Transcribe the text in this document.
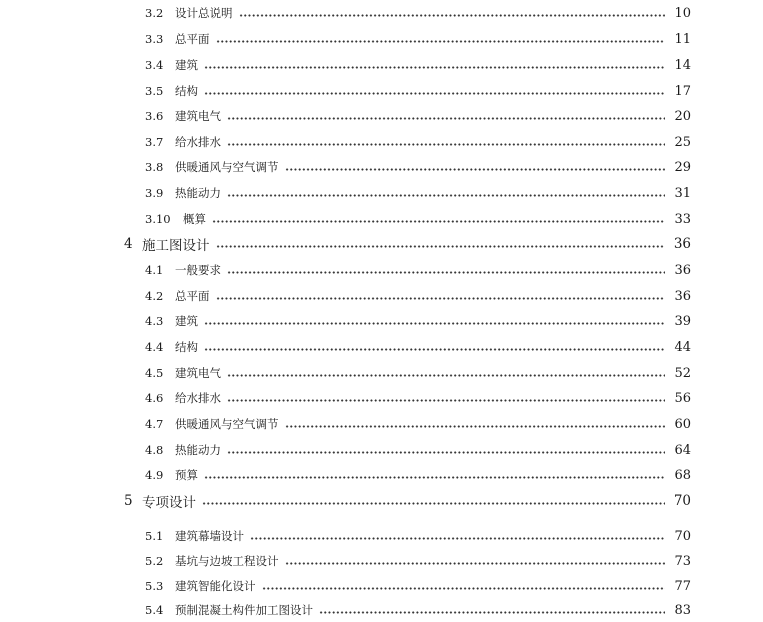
3.2	设计总说明	10
3.3	总平面	11
3.4	建筑	14
3.5	结构	17
3.6	建筑电气	20
3.7	给水排水	25
3.8	供暖通风与空气调节	29
3.9	热能动力	31
3.10	概算	33
4 施工图设计	36
4.1	一般要求	36
4.2	总平面	36
4.3	建筑	39
4.4	结构	44
4.5	建筑电气	52
4.6	给水排水	56
4.7	供暖通风与空气调节	60
4.8	热能动力	64
4.9	预算	68
5 专项设计	70
5.1	建筑幕墙设计	70
5.2	基坑与边坡工程设计	73
5.3	建筑智能化设计	77
5.4	预制混凝土构件加工图设计	83
